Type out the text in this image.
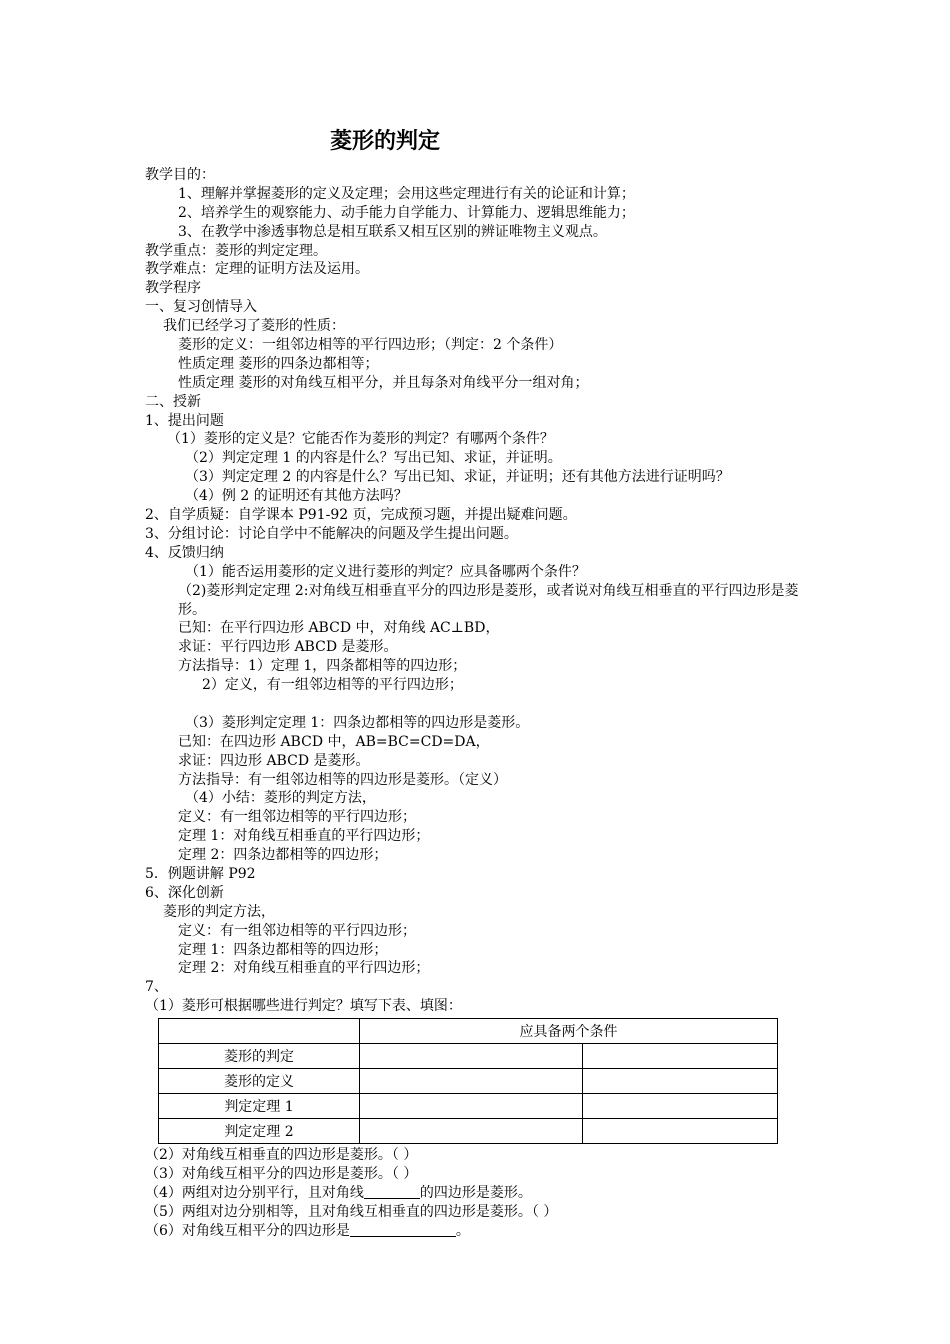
菱形的判定
教学目的：
1、理解并掌握菱形的定义及定理；会用这些定理进行有关的论证和计算；
2、培养学生的观察能力、动手能力自学能力、计算能力、逻辑思维能力；
3、在教学中渗透事物总是相互联系又相互区别的辨证唯物主义观点。
教学重点：菱形的判定定理。
教学难点：定理的证明方法及运用。
教学程序
一、复习创情导入
我们已经学习了菱形的性质：
菱形的定义：一组邻边相等的平行四边形；（判定：2 个条件）
性质定理 菱形的四条边都相等；
性质定理 菱形的对角线互相平分，并且每条对角线平分一组对角；
二、授新
1、提出问题
（1）菱形的定义是？它能否作为菱形的判定？有哪两个条件？
（2）判定定理 1 的内容是什么？写出已知、求证，并证明。
（3）判定定理 2 的内容是什么？写出已知、求证，并证明；还有其他方法进行证明吗？
（4）例 2 的证明还有其他方法吗？
2、自学质疑：自学课本 P91-92 页，完成预习题，并提出疑难问题。
3、分组讨论：讨论自学中不能解决的问题及学生提出问题。
4、反馈归纳
（1）能否运用菱形的定义进行菱形的判定？应具备哪两个条件？
（2)菱形判定定理 2:对角线互相垂直平分的四边形是菱形，或者说对角线互相垂直的平行四边形是菱形。
已知：在平行四边形 ABCD 中，对角线 AC⊥BD，
求证：平行四边形 ABCD 是菱形。
方法指导：1）定理 1，四条都相等的四边形；
2）定义，有一组邻边相等的平行四边形；
（3）菱形判定定理 1：四条边都相等的四边形是菱形。
已知：在四边形 ABCD 中，AB=BC=CD=DA，
求证：四边形 ABCD 是菱形。
方法指导：有一组邻边相等的四边形是菱形。（定义）
（4）小结：菱形的判定方法，
定义：有一组邻边相等的平行四边形；
定理 1：对角线互相垂直的平行四边形；
定理 2：四条边都相等的四边形；
5．例题讲解 P92
6、深化创新
菱形的判定方法，
定义：有一组邻边相等的平行四边形；
定理 1：四条边都相等的四边形；
定理 2：对角线互相垂直的平行四边形；
7、
（1）菱形可根据哪些进行判定？填写下表、填图：
	应具备两个条件	
菱形的判定		
菱形的定义		
判定定理 1		
判定定理 2		
（2）对角线互相垂直的四边形是菱形。（ ）
（3）对角线互相平分的四边形是菱形。（ ）
（4）两组对边分别平行，且对角线	的四边形是菱形。
（5）两组对边分别相等，且对角线互相垂直的四边形是菱形。（ ）
（6）对角线互相平分的四边形是	。
